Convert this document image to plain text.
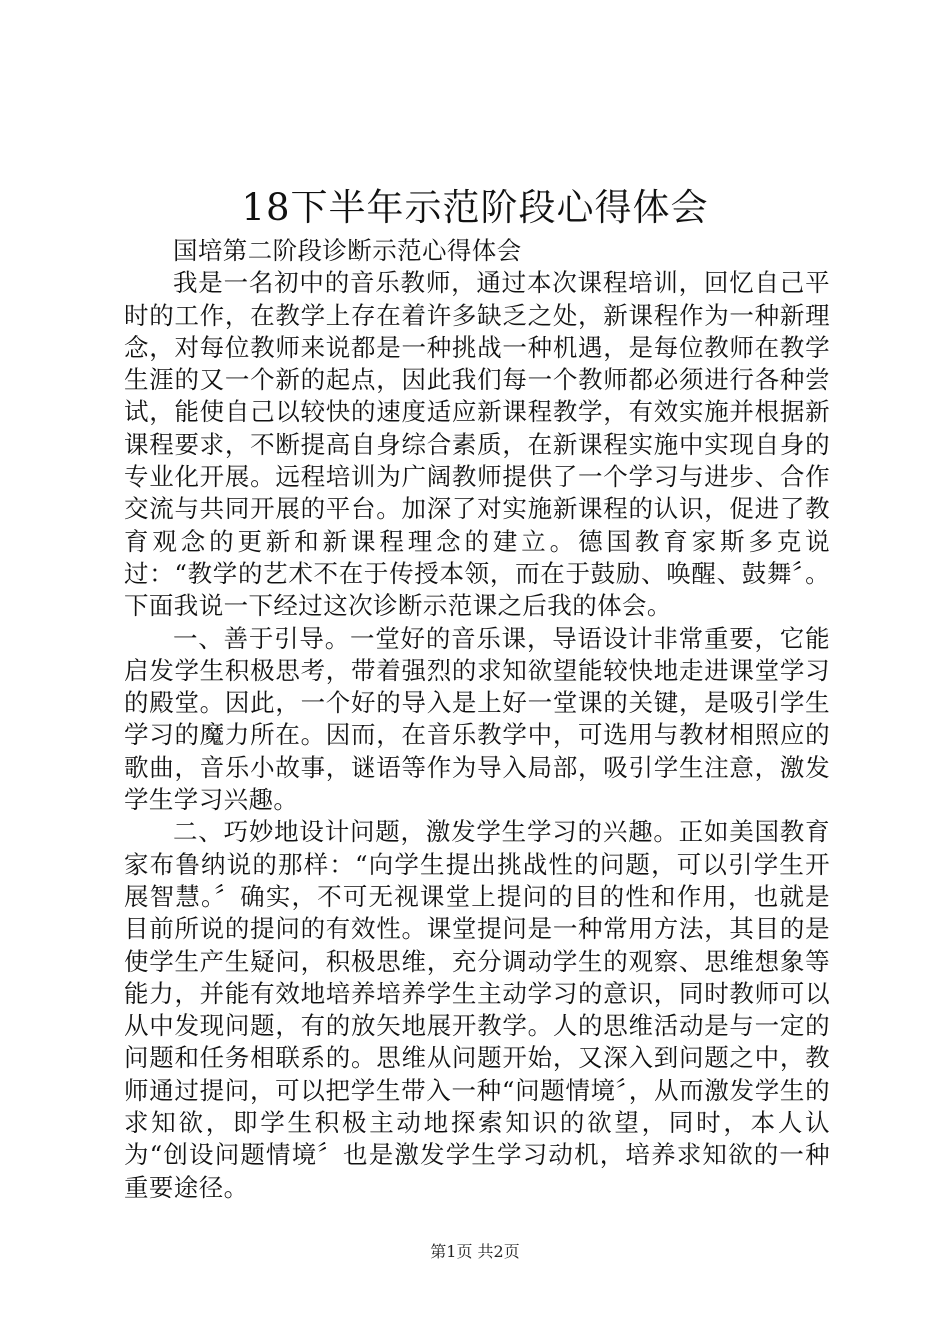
18下半年示范阶段心得体会

国培第二阶段诊断示范心得体会

我是一名初中的音乐教师，通过本次课程培训，回忆自己平时的工作，在教学上存在着许多缺乏之处，新课程作为一种新理念，对每位教师来说都是一种挑战一种机遇，是每位教师在教学生涯的又一个新的起点，因此我们每一个教师都必须进行各种尝试，能使自己以较快的速度适应新课程教学，有效实施并根据新课程要求，不断提高自身综合素质，在新课程实施中实现自身的专业化开展。远程培训为广阔教师提供了一个学习与进步、合作交流与共同开展的平台。加深了对实施新课程的认识，促进了教育观念的更新和新课程理念的建立。德国教育家斯多克说过：“教学的艺术不在于传授本领，而在于鼓励、唤醒、鼓舞〞。下面我说一下经过这次诊断示范课之后我的体会。

一、善于引导。一堂好的音乐课，导语设计非常重要，它能启发学生积极思考，带着强烈的求知欲望能较快地走进课堂学习的殿堂。因此，一个好的导入是上好一堂课的关键，是吸引学生学习的魔力所在。因而，在音乐教学中，可选用与教材相照应的歌曲，音乐小故事，谜语等作为导入局部，吸引学生注意，激发学生学习兴趣。

二、巧妙地设计问题，激发学生学习的兴趣。正如美国教育家布鲁纳说的那样：“向学生提出挑战性的问题，可以引学生开展智慧。〞确实，不可无视课堂上提问的目的性和作用，也就是目前所说的提问的有效性。课堂提问是一种常用方法，其目的是使学生产生疑问，积极思维，充分调动学生的观察、思维想象等能力，并能有效地培养培养学生主动学习的意识，同时教师可以从中发现问题，有的放矢地展开教学。人的思维活动是与一定的问题和任务相联系的。思维从问题开始，又深入到问题之中，教师通过提问，可以把学生带入一种“问题情境〞，从而激发学生的求知欲，即学生积极主动地探索知识的欲望，同时，本人认为“创设问题情境〞也是激发学生学习动机，培养求知欲的一种重要途径。

第1页 共2页
